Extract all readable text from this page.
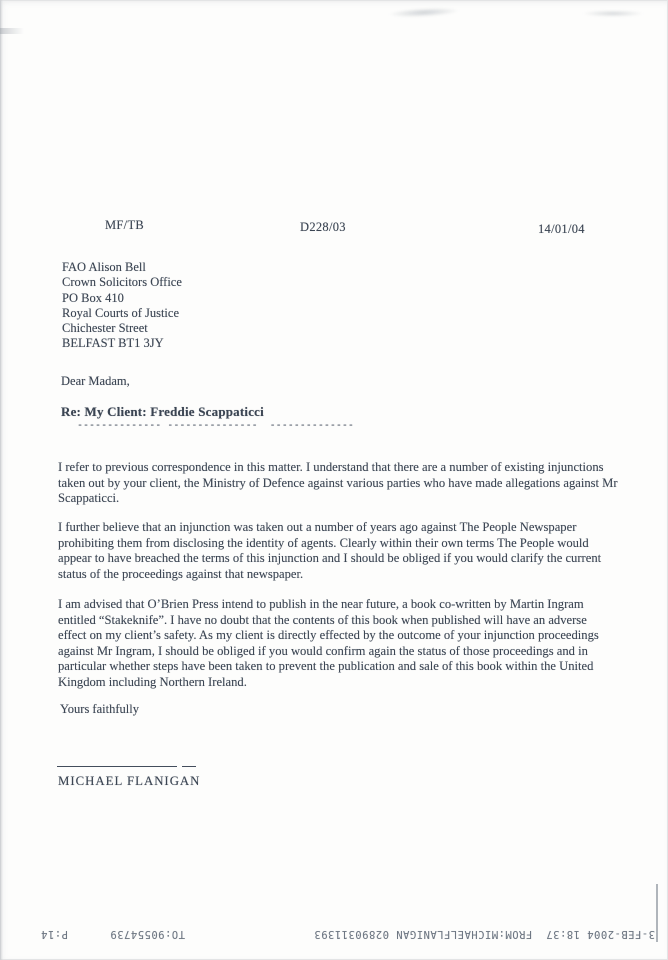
MF/TB	D228/03	14/01/04
FAO Alison Bell
Crown Solicitors Office
PO Box 410
Royal Courts of Justice
Chichester Street
BELFAST BT1 3JY

Dear Madam,

Re: My Client: Freddie Scappaticci
-------------- ---------------  --------------

I refer to previous correspondence in this matter. I understand that there are a number of existing injunctions taken out by your client, the Ministry of Defence against various parties who have made allegations against Mr Scappaticci.

I further believe that an injunction was taken out a number of years ago against The People Newspaper prohibiting them from disclosing the identity of agents. Clearly within their own terms The People would appear to have breached the terms of this injunction and I should be obliged if you would clarify the current status of the proceedings against that newspaper.

I am advised that O’Brien Press intend to publish in the near future, a book co-written by Martin Ingram entitled “Stakeknife”. I have no doubt that the contents of this book when published will have an adverse effect on my client’s safety. As my client is directly effected by the outcome of your injunction proceedings against Mr Ingram, I should be obliged if you would confirm again the status of those proceedings and in particular whether steps have been taken to prevent the publication and sale of this book within the United Kingdom including Northern Ireland.

Yours faithfully

MICHAEL FLANIGAN
3-FEB-2004 18:37  FROM:MICHAELFLANIGAN 02890311393
TO:90554739
P:14
